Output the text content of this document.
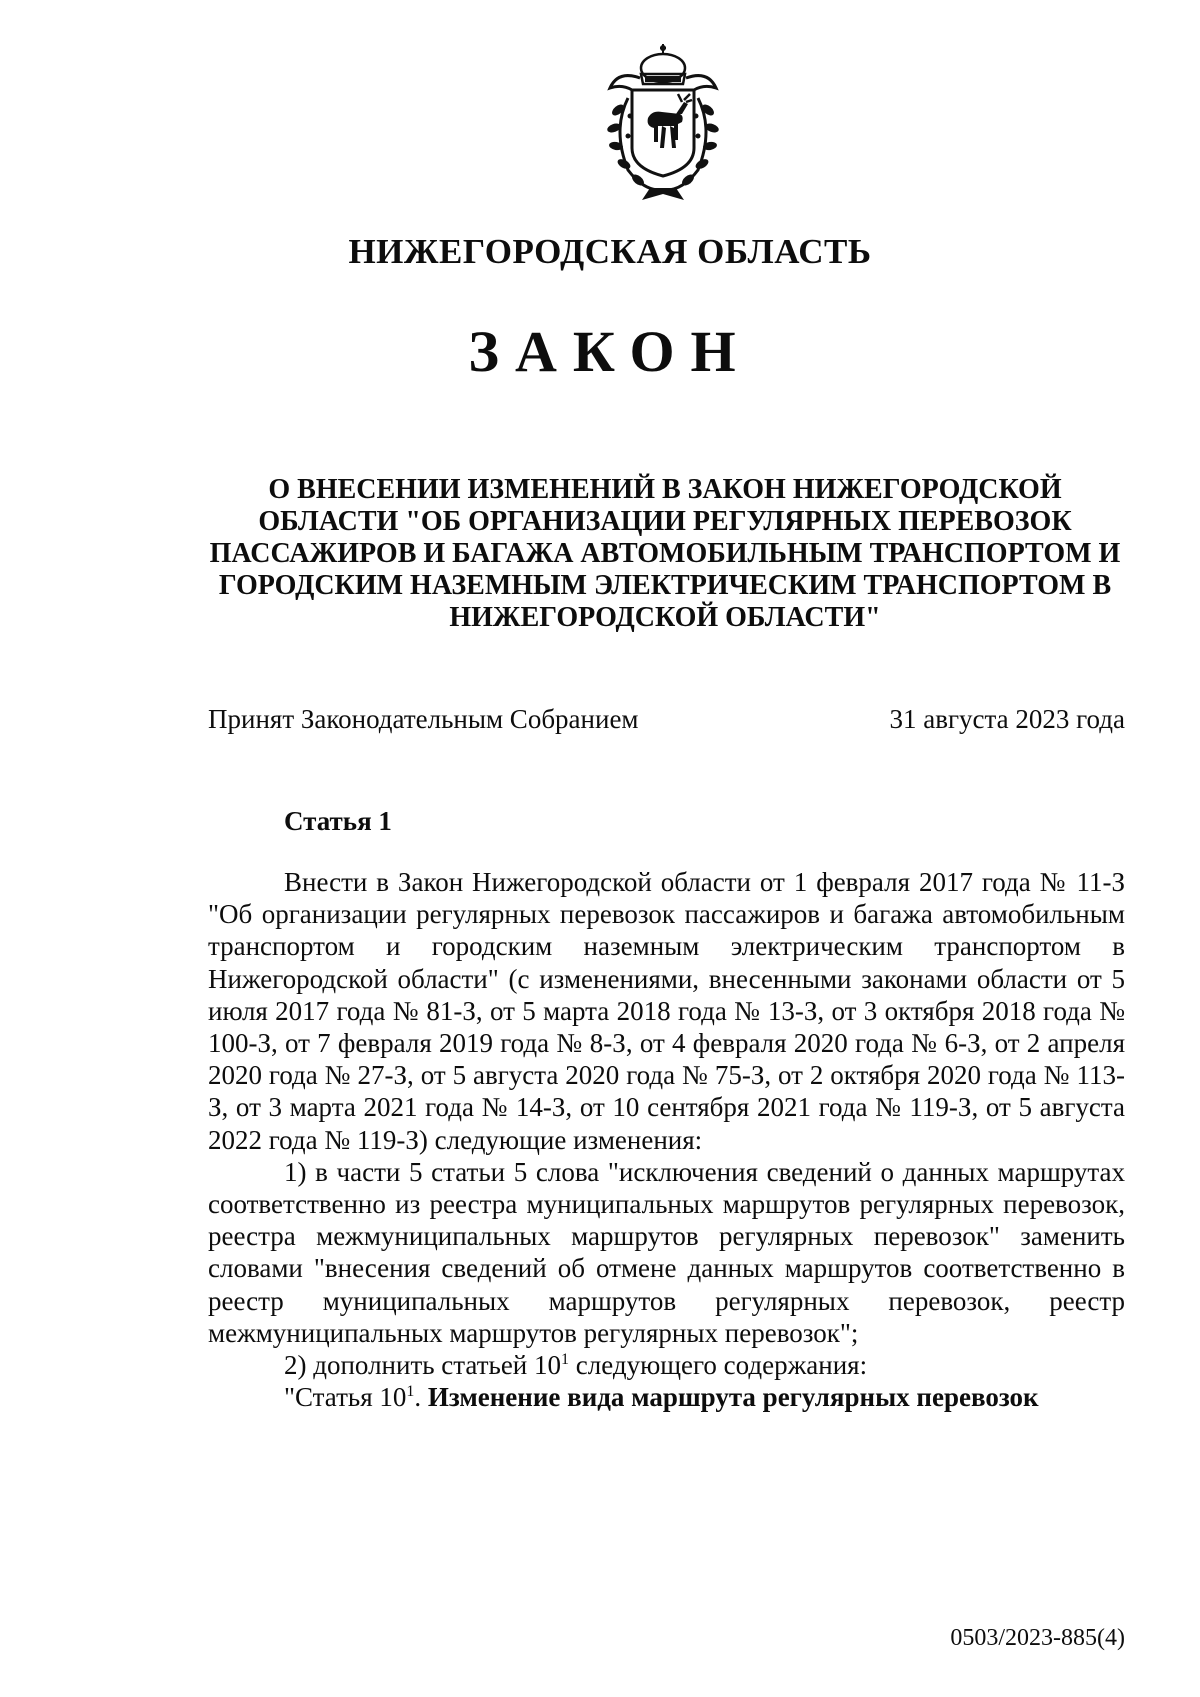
НИЖЕГОРОДСКАЯ ОБЛАСТЬ
ЗАКОН
О ВНЕСЕНИИ ИЗМЕНЕНИЙ В ЗАКОН НИЖЕГОРОДСКОЙ ОБЛАСТИ "ОБ ОРГАНИЗАЦИИ РЕГУЛЯРНЫХ ПЕРЕВОЗОК ПАССАЖИРОВ И БАГАЖА АВТОМОБИЛЬНЫМ ТРАНСПОРТОМ И ГОРОДСКИМ НАЗЕМНЫМ ЭЛЕКТРИЧЕСКИМ ТРАНСПОРТОМ В НИЖЕГОРОДСКОЙ ОБЛАСТИ"
Принят Законодательным Собранием	31 августа 2023 года
Статья 1

Внести в Закон Нижегородской области от 1 февраля 2017 года № 11-З "Об организации регулярных перевозок пассажиров и багажа автомобильным транспортом и городским наземным электрическим транспортом в Нижегородской области" (с изменениями, внесенными законами области от 5 июля 2017 года № 81-З, от 5 марта 2018 года № 13-З, от 3 октября 2018 года № 100-З, от 7 февраля 2019 года № 8-З, от 4 февраля 2020 года № 6-З, от 2 апреля 2020 года № 27-З, от 5 августа 2020 года № 75-З, от 2 октября 2020 года № 113-З, от 3 марта 2021 года № 14-З, от 10 сентября 2021 года № 119-З, от 5 августа 2022 года № 119-З) следующие изменения:

1) в части 5 статьи 5 слова "исключения сведений о данных маршрутах соответственно из реестра муниципальных маршрутов регулярных перевозок, реестра межмуниципальных маршрутов регулярных перевозок" заменить словами "внесения сведений об отмене данных маршрутов соответственно в реестр муниципальных маршрутов регулярных перевозок, реестр межмуниципальных маршрутов регулярных перевозок";

2) дополнить статьей $10^1$ следующего содержания:

"Статья $10^1$. Изменение вида маршрута регулярных перевозок

0503/2023-885(4)
